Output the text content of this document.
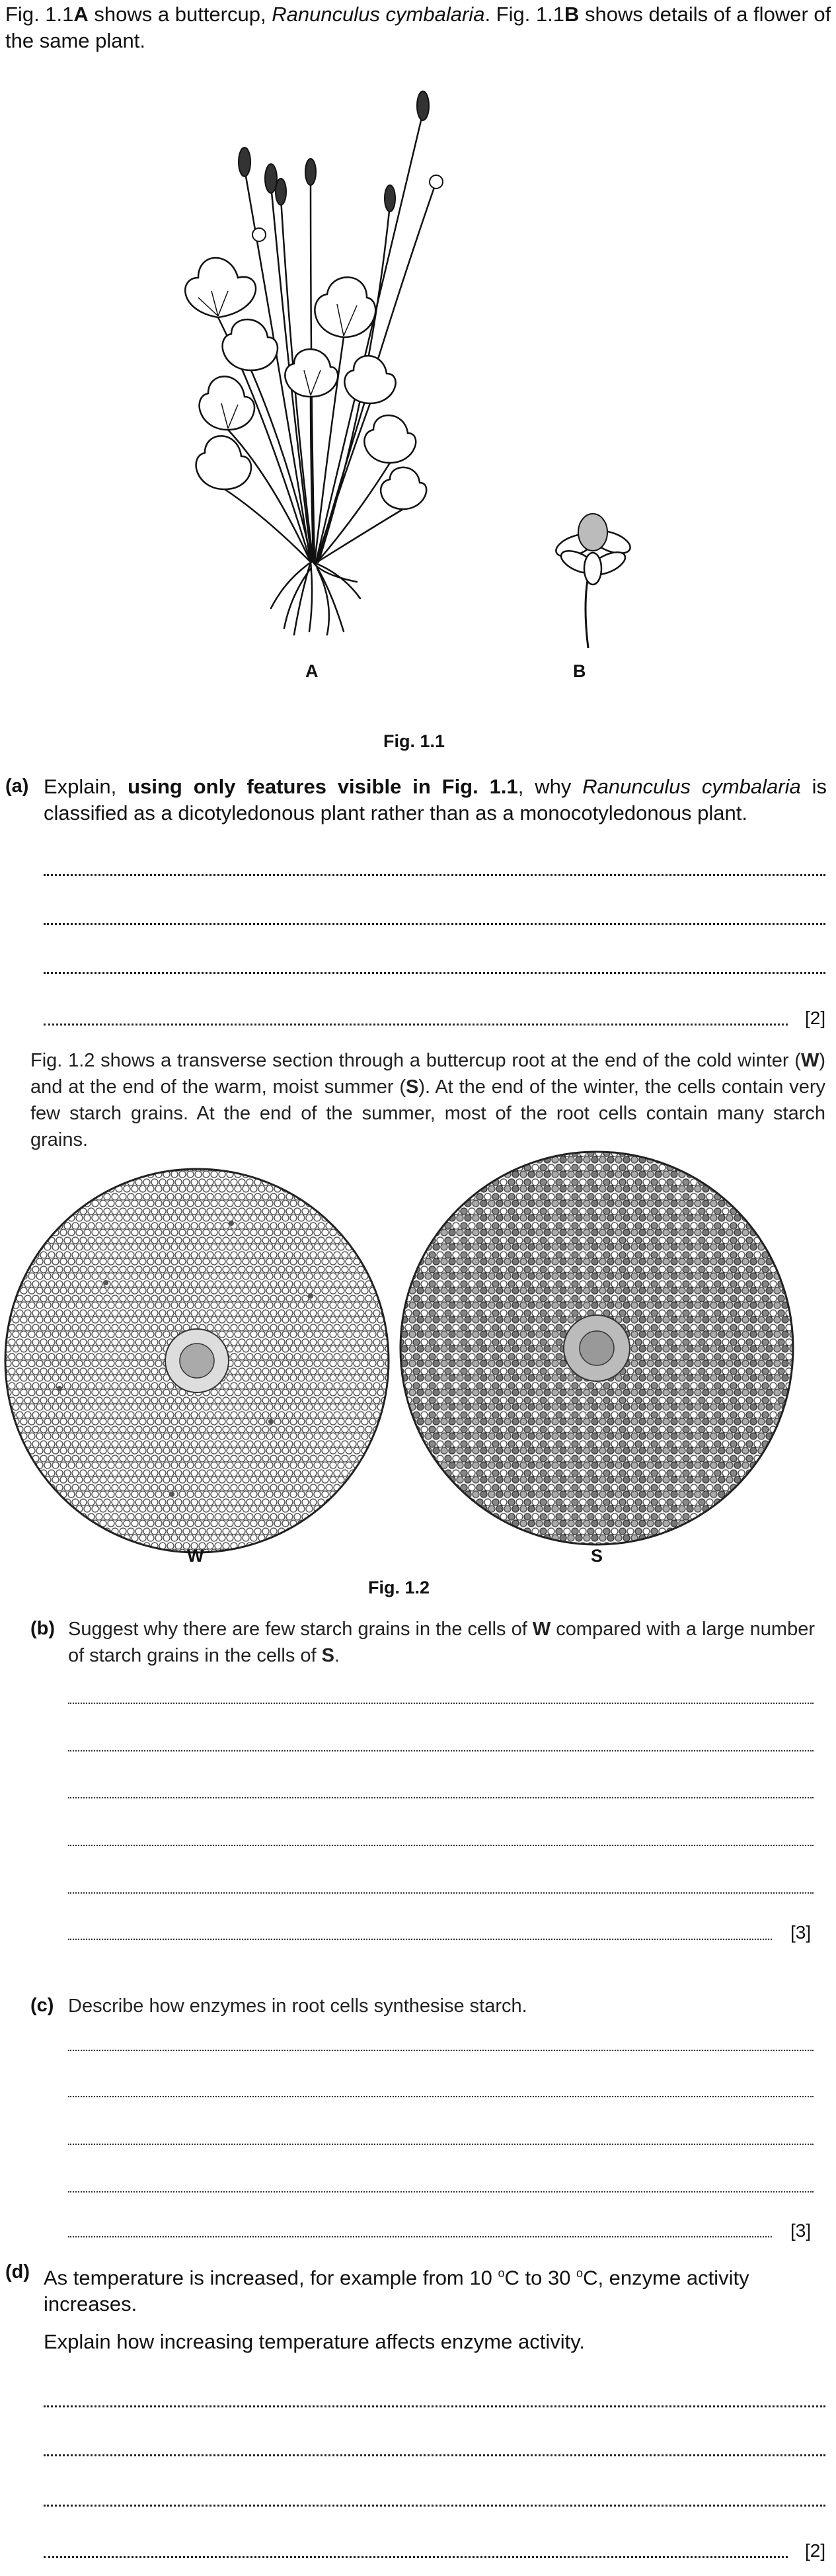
Fig. 1.1A shows a buttercup, Ranunculus cymbalaria. Fig. 1.1B shows details of a flower of the same plant.
A	B
Fig. 1.1
(a) Explain, using only features visible in Fig. 1.1, why Ranunculus cymbalaria is classified as a dicotyledonous plant rather than as a monocotyledonous plant.
[2]
Fig. 1.2 shows a transverse section through a buttercup root at the end of the cold winter (W) and at the end of the warm, moist summer (S). At the end of the winter, the cells contain very few starch grains. At the end of the summer, most of the root cells contain many starch grains.
W	S
Fig. 1.2
(b) Suggest why there are few starch grains in the cells of W compared with a large number of starch grains in the cells of S.
[3]
(c) Describe how enzymes in root cells synthesise starch.
[3]
(d) As temperature is increased, for example from 10 $^o$C to 30 $^o$C, enzyme activity increases.
Explain how increasing temperature affects enzyme activity.
[2]
